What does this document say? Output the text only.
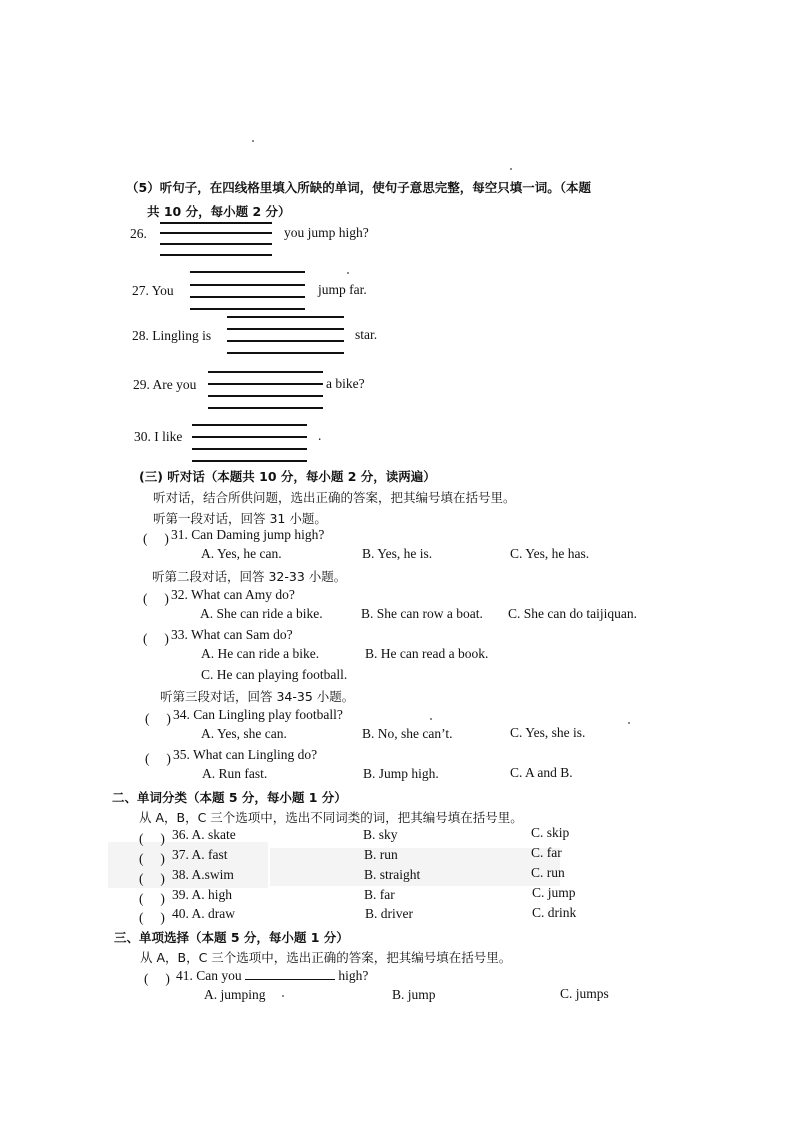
（5）听句子，在四线格里填入所缺的单词，使句子意思完整，每空只填一词。（本题
共 10 分，每小题 2 分）
26.	you jump high?
27. You	jump far.
28. Lingling is	star.
29. Are you	a bike?
30. I like	.
(三) 听对话（本题共 10 分，每小题 2 分，读两遍）
听对话，结合所供问题，选出正确的答案，把其编号填在括号里。
听第一段对话，回答 31 小题。
(　 ) 31. Can Daming jump high?
A. Yes, he can.	B. Yes, he is.	C. Yes, he has.
听第二段对话，回答 32-33 小题。
(　 ) 32. What can Amy do?
A. She can ride a bike.	B. She can row a boat. C. She can do taijiquan.
(　 ) 33. What can Sam do?
A. He can ride a bike.	B. He can read a book.
C. He can playing football.
听第三段对话，回答 34-35 小题。
(　 ) 34. Can Lingling play football?
A. Yes, she can.	B. No, she can’t.	C. Yes, she is.
(　 ) 35. What can Lingling do?
A. Run fast.	B. Jump high.	C. A and B.
二、单词分类（本题 5 分，每小题 1 分）
从 A，B，C 三个选项中，选出不同词类的词，把其编号填在括号里。
(　 ) 36. A. skate	B. sky	C. skip
(　 ) 37. A. fast	B. run	C. far
(　 ) 38. A.swim	B. straight	C. run
(　 ) 39. A. high	B. far	C. jump
(　 ) 40. A. draw	B. driver	C. drink
三、单项选择（本题 5 分，每小题 1 分）
从 A，B，C 三个选项中，选出正确的答案，把其编号填在括号里。
(　 ) 41. Can you	high?
A. jumping	B. jump	C. jumps
